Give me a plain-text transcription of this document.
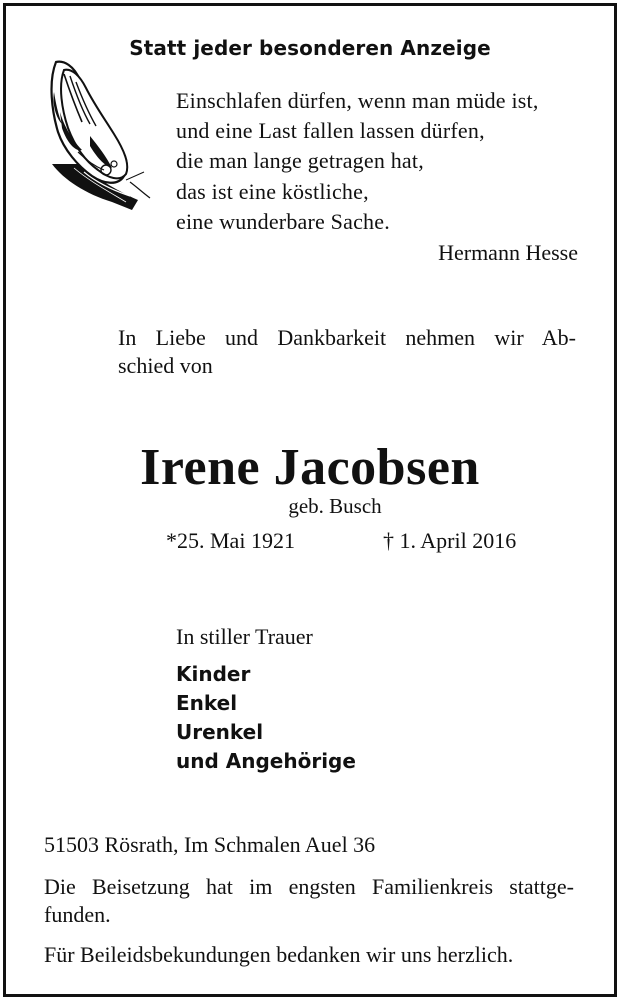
Statt jeder besonderen Anzeige
Einschlafen dürfen, wenn man müde ist,
und eine Last fallen lassen dürfen,
die man lange getragen hat,
das ist eine köstliche,
eine wunderbare Sache.
Hermann Hesse
In Liebe und Dankbarkeit nehmen wir Ab-
schied von
Irene Jacobsen
geb. Busch
*25. Mai 1921	† 1. April 2016
In stiller Trauer
Kinder
Enkel
Urenkel
und Angehörige
51503 Rösrath, Im Schmalen Auel 36
Die Beisetzung hat im engsten Familienkreis stattge-
funden.
Für Beileidsbekundungen bedanken wir uns herzlich.
